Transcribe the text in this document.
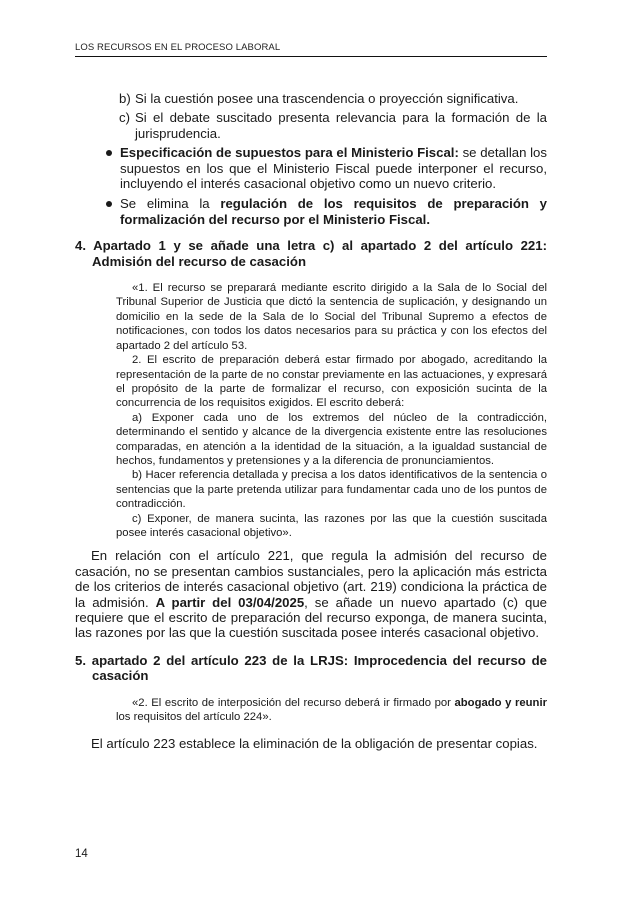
LOS RECURSOS EN EL PROCESO LABORAL
b) Si la cuestión posee una trascendencia o proyección significativa.
c) Si el debate suscitado presenta relevancia para la formación de la jurisprudencia.
Especificación de supuestos para el Ministerio Fiscal: se detallan los supuestos en los que el Ministerio Fiscal puede interponer el recurso, incluyendo el interés casacional objetivo como un nuevo criterio.
Se elimina la regulación de los requisitos de preparación y formalización del recurso por el Ministerio Fiscal.

4. Apartado 1 y se añade una letra c) al apartado 2 del artículo 221: Admisión del recurso de casación

«1. El recurso se preparará mediante escrito dirigido a la Sala de lo Social del Tribunal Superior de Justicia que dictó la sentencia de suplicación, y designando un domicilio en la sede de la Sala de lo Social del Tribunal Supremo a efectos de notificaciones, con todos los datos necesarios para su práctica y con los efectos del apartado 2 del artículo 53.

2. El escrito de preparación deberá estar firmado por abogado, acreditando la representación de la parte de no constar previamente en las actuaciones, y expresará el propósito de la parte de formalizar el recurso, con exposición sucinta de la concurrencia de los requisitos exigidos. El escrito deberá:

a) Exponer cada uno de los extremos del núcleo de la contradicción, determinando el sentido y alcance de la divergencia existente entre las resoluciones comparadas, en atención a la identidad de la situación, a la igualdad sustancial de hechos, fundamentos y pretensiones y a la diferencia de pronunciamientos.

b) Hacer referencia detallada y precisa a los datos identificativos de la sentencia o sentencias que la parte pretenda utilizar para fundamentar cada uno de los puntos de contradicción.

c) Exponer, de manera sucinta, las razones por las que la cuestión suscitada posee interés casacional objetivo».

En relación con el artículo 221, que regula la admisión del recurso de casación, no se presentan cambios sustanciales, pero la aplicación más estricta de los criterios de interés casacional objetivo (art. 219) condiciona la práctica de la admisión. A partir del 03/04/2025, se añade un nuevo apartado (c) que requiere que el escrito de preparación del recurso exponga, de manera sucinta, las razones por las que la cuestión suscitada posee interés casacional objetivo.

5. apartado 2 del artículo 223 de la LRJS: Improcedencia del recurso de casación

«2. El escrito de interposición del recurso deberá ir firmado por abogado y reunir los requisitos del artículo 224».

El artículo 223 establece la eliminación de la obligación de presentar copias.

14
